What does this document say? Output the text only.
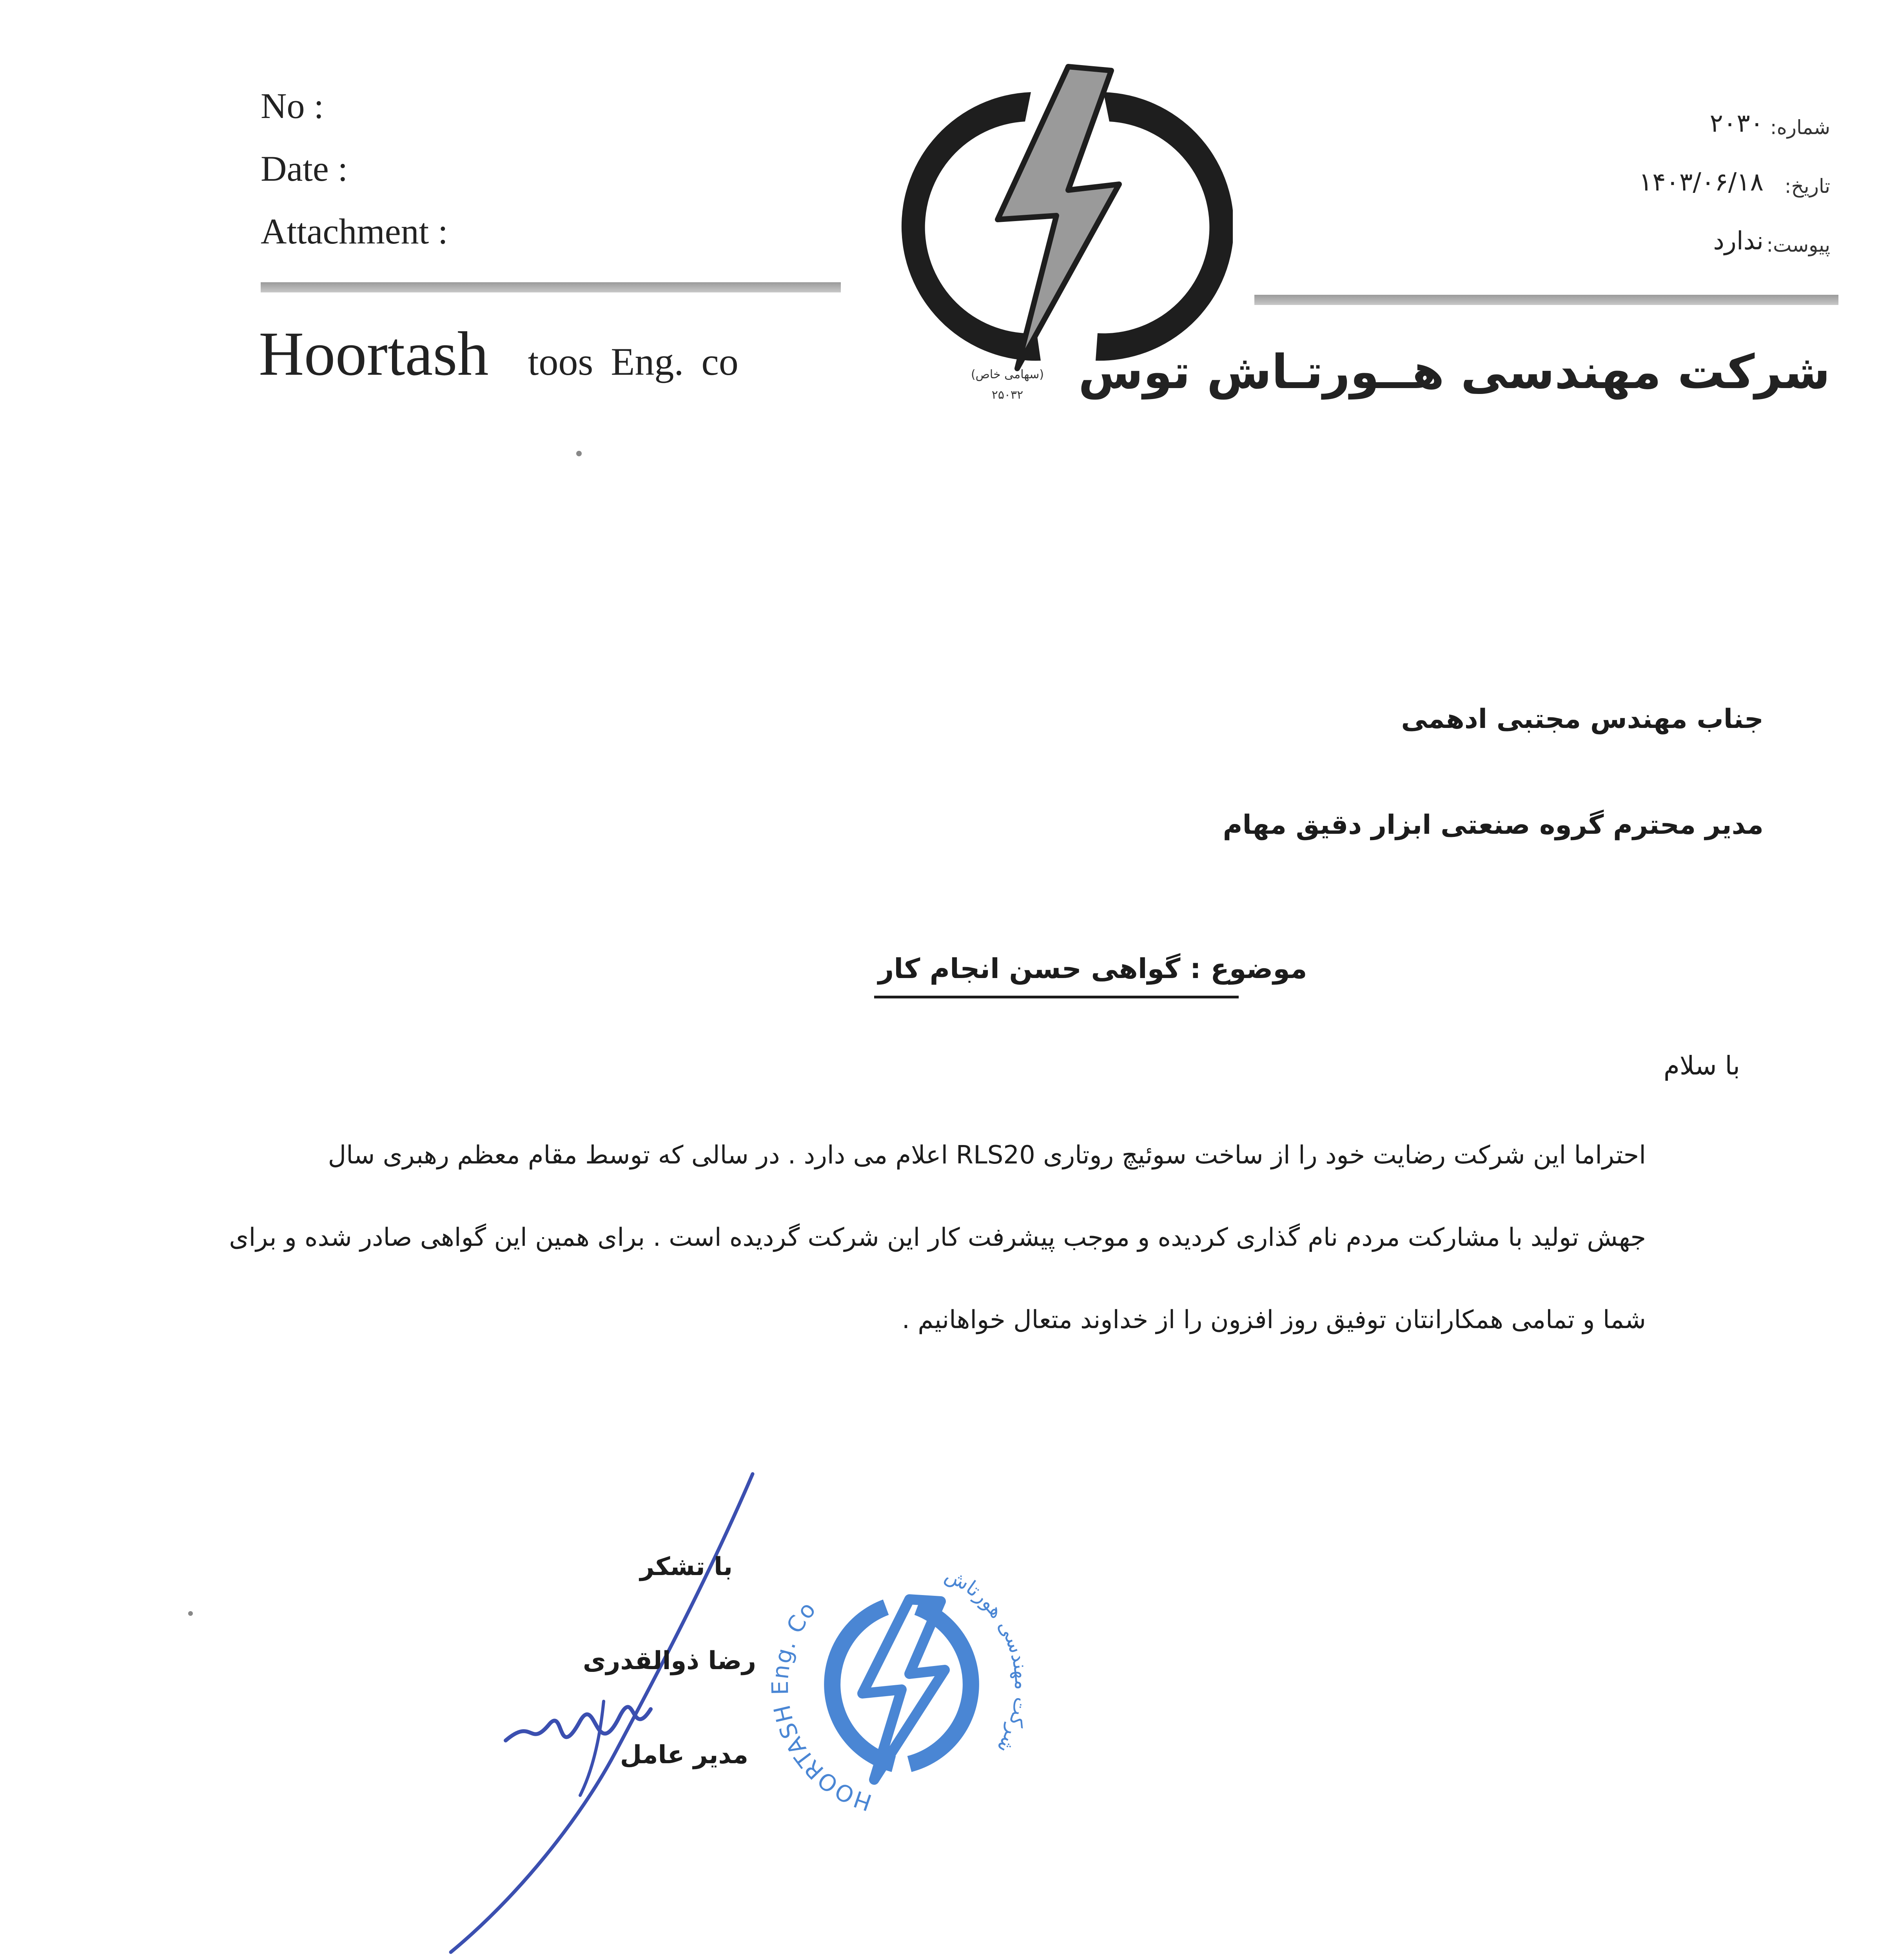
No :
Date :
Attachment :
Hoortash toos Eng. co	(سهامی خاص)
۲۵۰۳۲
شماره:
تاریخ:
پیوست:
۲۰۳۰
۱۴۰۳/۰۶/۱۸
ندارد
شرکت مهندسی هــورتـاش توس
جناب مهندس مجتبی ادهمی
مدیر محترم گروه صنعتی ابزار دقیق مهام
موضوع : گواهی حسن انجام کار
با سلام
احتراما این شرکت رضایت خود را از ساخت سوئیچ روتاری RLS20 اعلام می دارد . در سالی که توسط مقام معظم رهبری سال
جهش تولید با مشارکت مردم نام گذاری کردیده و موجب پیشرفت کار این شرکت گردیده است . برای همین این گواهی صادر شده و برای
شما و تمامی همکارانتان توفیق روز افزون را از خداوند متعال خواهانیم .
HOORTASH Eng. Co
شرکت مهندسی هورتاش
با تشکر
رضا ذوالقدری
مدیر عامل
